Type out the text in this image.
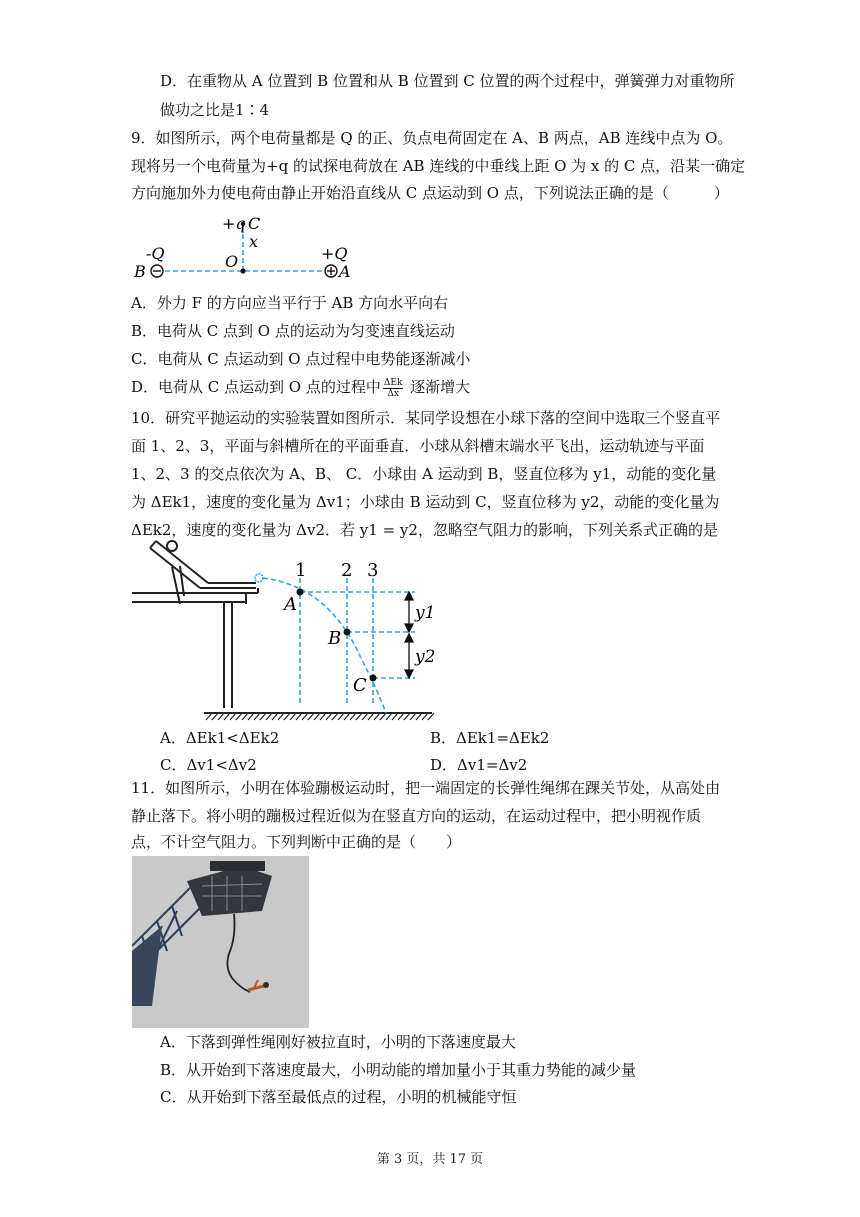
D．在重物从 A 位置到 B 位置和从 B 位置到 C 位置的两个过程中，弹簧弹力对重物所
做功之比是1∶4
9．如图所示，两个电荷量都是 Q 的正、负点电荷固定在 A、B 两点，AB 连线中点为 O。
现将另一个电荷量为+q 的试探电荷放在 AB 连线的中垂线上距 O 为 x 的 C 点，沿某一确定
方向施加外力使电荷由静止开始沿直线从 C 点运动到 O 点，下列说法正确的是（　　　）
+q C
x
-Q
B
O	+Q
A
A．外力 F 的方向应当平行于 AB 方向水平向右
B．电荷从 C 点到 O 点的运动为匀变速直线运动
C．电荷从 C 点运动到 O 点过程中电势能逐渐减小
D．电荷从 C 点运动到 O 点的过程中 ΔEk
Δx 逐渐增大
10．研究平抛运动的实验装置如图所示．某同学设想在小球下落的空间中选取三个竖直平
面 1、2、3，平面与斜槽所在的平面垂直．小球从斜槽末端水平飞出，运动轨迹与平面
1、2、3 的交点依次为 A、B、 C．小球由 A 运动到 B，竖直位移为 y1，动能的变化量
为 ΔEk1，速度的变化量为 Δv1；小球由 B 运动到 C，竖直位移为 y2，动能的变化量为
ΔEk2，速度的变化量为 Δv2．若 y1 = y2，忽略空气阻力的影响，下列关系式正确的是
1 2 3
A
B
C
y1
y2
A．ΔEk1<ΔEk2	B．ΔEk1=ΔEk2
C．Δv1<Δv2	D．Δv1=Δv2
11．如图所示，小明在体验蹦极运动时，把一端固定的长弹性绳绑在踝关节处，从高处由
静止落下。将小明的蹦极过程近似为在竖直方向的运动，在运动过程中，把小明视作质
点，不计空气阻力。下列判断中正确的是（　　）
A．下落到弹性绳刚好被拉直时，小明的下落速度最大
B．从开始到下落速度最大，小明动能的增加量小于其重力势能的减少量
C．从开始到下落至最低点的过程，小明的机械能守恒
第 3 页，共 17 页
